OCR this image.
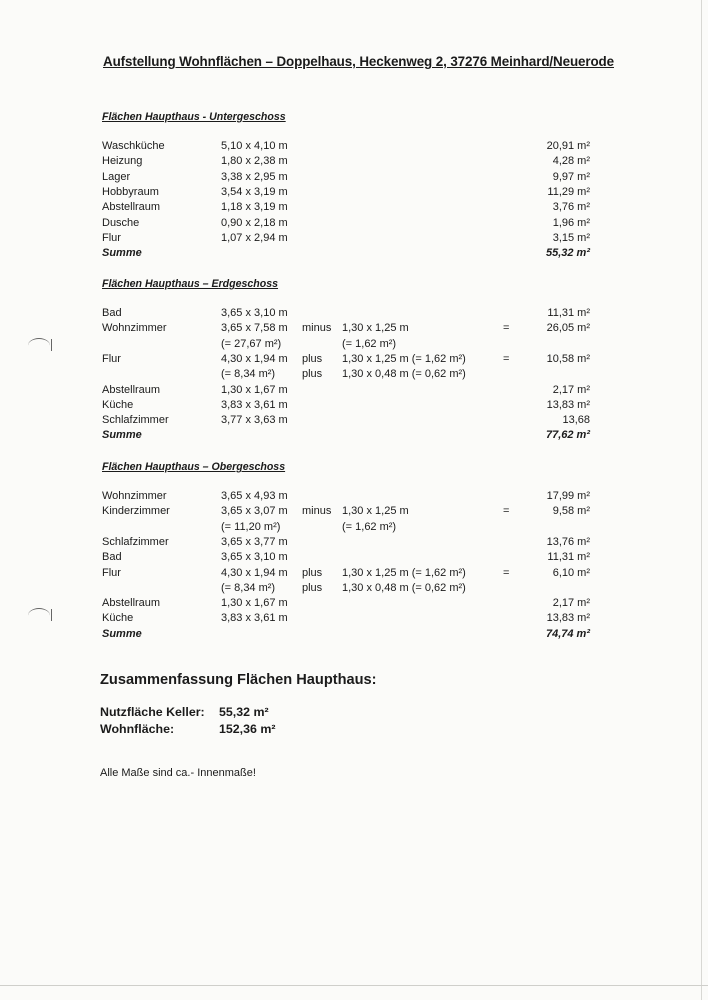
Aufstellung Wohnflächen – Doppelhaus, Heckenweg 2, 37276 Meinhard/Neuerode
Flächen Haupthaus - Untergeschoss
Waschküche	5,10 x 4,10 m	20,91 m²
Heizung	1,80 x 2,38 m	4,28 m²
Lager	3,38 x 2,95 m	9,97 m²
Hobbyraum	3,54 x 3,19 m	11,29 m²
Abstellraum	1,18 x 3,19 m	3,76 m²
Dusche	0,90 x 2,18 m	1,96 m²
Flur	1,07 x 2,94 m	3,15 m²
Summe	55,32 m²
Flächen Haupthaus – Erdgeschoss
Bad	3,65 x 3,10 m	11,31 m²
Wohnzimmer	3,65 x 7,58 m minus 1,30 x 1,25 m	=	26,05 m²
(= 27,67 m²)	(= 1,62 m²)
Flur	4,30 x 1,94 m plus 1,30 x 1,25 m (= 1,62 m²)	=	10,58 m²
(= 8,34 m²) plus 1,30 x 0,48 m (= 0,62 m²)
Abstellraum	1,30 x 1,67 m	2,17 m²
Küche	3,83 x 3,61 m	13,83 m²
Schlafzimmer	3,77 x 3,63 m	13,68
Summe	77,62 m²
Flächen Haupthaus – Obergeschoss
Wohnzimmer	3,65 x 4,93 m	17,99 m²
Kinderzimmer	3,65 x 3,07 m minus 1,30 x 1,25 m	=	9,58 m²
(= 11,20 m²)	(= 1,62 m²)
Schlafzimmer	3,65 x 3,77 m	13,76 m²
Bad	3,65 x 3,10 m	11,31 m²
Flur	4,30 x 1,94 m plus 1,30 x 1,25 m (= 1,62 m²)	=	6,10 m²
(= 8,34 m²) plus 1,30 x 0,48 m (= 0,62 m²)
Abstellraum	1,30 x 1,67 m	2,17 m²
Küche	3,83 x 3,61 m	13,83 m²
Summe	74,74 m²
Zusammenfassung Flächen Haupthaus:
Nutzfläche Keller: 55,32 m²
Wohnfläche:	152,36 m²
Alle Maße sind ca.- Innenmaße!
